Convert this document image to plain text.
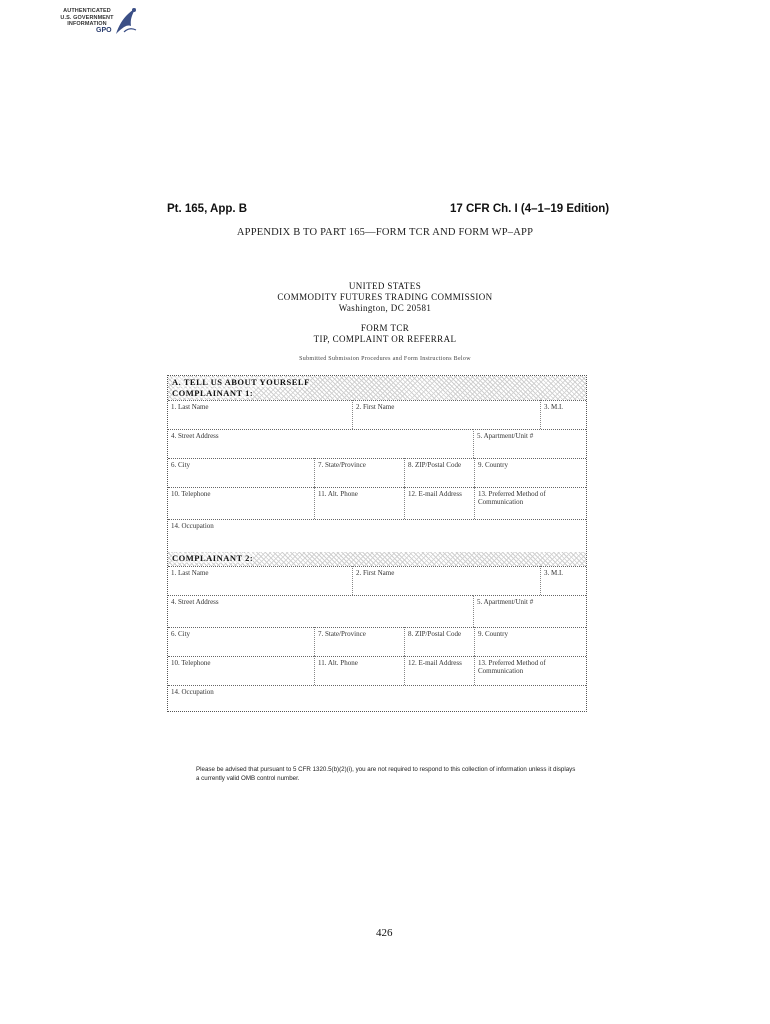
AUTHENTICATED
U.S. GOVERNMENT
INFORMATION
GPO
Pt. 165, App. B	17 CFR Ch. I (4–1–19 Edition)
APPENDIX B TO PART 165—FORM TCR AND FORM WP–APP
UNITED STATES
COMMODITY FUTURES TRADING COMMISSION
Washington, DC 20581
FORM TCR
TIP, COMPLAINT OR REFERRAL
Submitted Submission Procedures and Form Instructions Below
A. TELL US ABOUT YOURSELF
COMPLAINANT 1:
1. Last Name	2. First Name	3. M.I.
4. Street Address	5. Apartment/Unit #
6. City	7. State/Province	8. ZIP/Postal Code	9. Country
10. Telephone	11. Alt. Phone	12. E-mail Address	13. Preferred Method of Communication
14. Occupation
COMPLAINANT 2:
1. Last Name	2. First Name	3. M.I.
4. Street Address	5. Apartment/Unit #
6. City	7. State/Province	8. ZIP/Postal Code	9. Country
10. Telephone	11. Alt. Phone	12. E-mail Address	13. Preferred Method of Communication
14. Occupation
Please be advised that pursuant to 5 CFR 1320.5(b)(2)(i), you are not required to respond to this collection of information unless it displays a currently valid OMB control number.
426
